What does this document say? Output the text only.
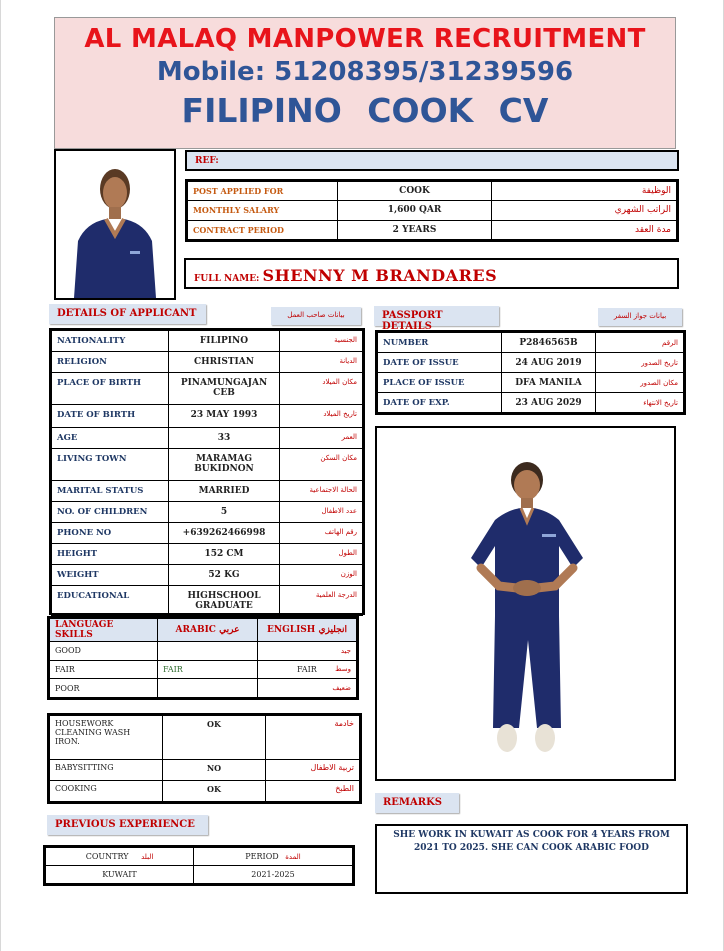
AL MALAQ MANPOWER RECRUITMENT
Mobile: 51208395/31239596
FILIPINO COOK CV
REF:
POST APPLIED FOR	COOK	الوظيفة
MONTHLY SALARY	1,600 QAR	الراتب الشهري
CONTRACT PERIOD	2 YEARS	مدة العقد
FULL NAME: SHENNY M BRANDARES
DETAILS OF APPLICANT	بيانات صاحب العمل
NATIONALITY	FILIPINO	الجنسية
RELIGION	CHRISTIAN	الديانة
PLACE OF BIRTH	PINAMUNGAJAN CEB	مكان الميلاد
DATE OF BIRTH	23 MAY 1993	تاريخ الميلاد
AGE	33	العمر
LIVING TOWN	MARAMAG BUKIDNON	مكان السكن
MARITAL STATUS	MARRIED	الحالة الاجتماعية
NO. OF CHILDREN	5	عدد الاطفال
PHONE NO	+639262466998	رقم الهاتف
HEIGHT	152 CM	الطول
WEIGHT	52 KG	الوزن
EDUCATIONAL	HIGHSCHOOL GRADUATE	الدرجة العلمية
PASSPORT DETAILS
بيانات جواز السفر
NUMBER	P2846565B	الرقم
DATE OF ISSUE	24 AUG 2019	تاريخ الصدور
PLACE OF ISSUE	DFA MANILA	مكان الصدور
DATE OF EXP.	23 AUG 2029	تاريخ الانتهاء
LANGUAGE SKILLS	ARABIC عربي	ENGLISH انجليزي
GOOD		جيد

FAIR	FAIR	FAIR وسط

POOR		ضعيف
HOUSEWORK CLEANING WASH IRON.	OK	خادمة
BABYSITTING	NO	تربية الاطفال
COOKING	OK	الطبخ
PREVIOUS EXPERIENCE
COUNTRY البلد	PERIOD المدة
KUWAIT	2021-2025
REMARKS
SHE WORK IN KUWAIT AS COOK FOR 4 YEARS FROM 2021 TO 2025. SHE CAN COOK ARABIC FOOD
